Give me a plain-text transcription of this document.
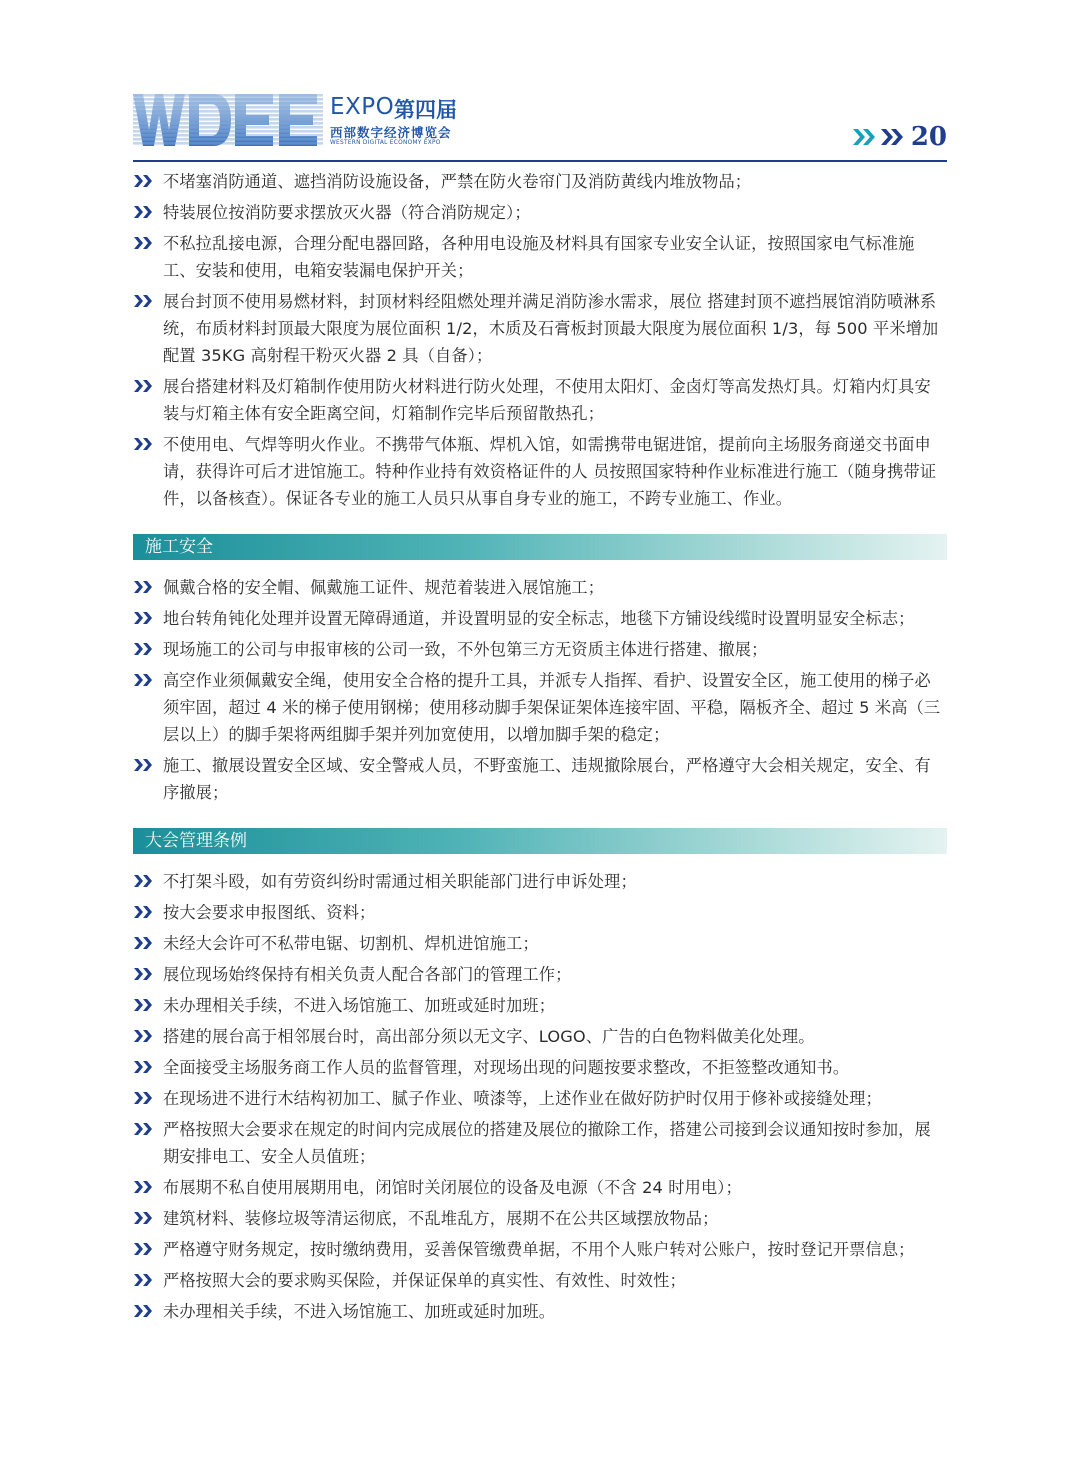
EXPO 第四届
西部数字经济博览会
WESTERN DIGITAL ECONOMY EXPO	20
不堵塞消防通道、遮挡消防设施设备，严禁在防火卷帘门及消防黄线内堆放物品；
特装展位按消防要求摆放灭火器（符合消防规定）；
不私拉乱接电源，合理分配电器回路，各种用电设施及材料具有国家专业安全认证，按照国家电气标准施工、安装和使用，电箱安装漏电保护开关；
展台封顶不使用易燃材料，封顶材料经阻燃处理并满足消防渗水需求，展位 搭建封顶不遮挡展馆消防喷淋系统，布质材料封顶最大限度为展位面积 1/2，木质及石膏板封顶最大限度为展位面积 1/3，每 500 平米增加配置 35KG 高射程干粉灭火器 2 具（自备）；
展台搭建材料及灯箱制作使用防火材料进行防火处理，不使用太阳灯、金卤灯等高发热灯具。灯箱内灯具安装与灯箱主体有安全距离空间，灯箱制作完毕后预留散热孔；
不使用电、气焊等明火作业。不携带气体瓶、焊机入馆，如需携带电锯进馆，提前向主场服务商递交书面申请，获得许可后才进馆施工。特种作业持有效资格证件的人 员按照国家特种作业标准进行施工（随身携带证件，以备核查）。保证各专业的施工人员只从事自身专业的施工，不跨专业施工、作业。
施工安全
佩戴合格的安全帽、佩戴施工证件、规范着装进入展馆施工；
地台转角钝化处理并设置无障碍通道，并设置明显的安全标志，地毯下方铺设线缆时设置明显安全标志；
现场施工的公司与申报审核的公司一致，不外包第三方无资质主体进行搭建、撤展；
高空作业须佩戴安全绳，使用安全合格的提升工具，并派专人指挥、看护、设置安全区，施工使用的梯子必须牢固，超过 4 米的梯子使用钢梯；使用移动脚手架保证架体连接牢固、平稳，隔板齐全、超过 5 米高（三层以上）的脚手架将两组脚手架并列加宽使用，以增加脚手架的稳定；
施工、撤展设置安全区域、安全警戒人员，不野蛮施工、违规撤除展台，严格遵守大会相关规定，安全、有序撤展；
大会管理条例
不打架斗殴，如有劳资纠纷时需通过相关职能部门进行申诉处理；
按大会要求申报图纸、资料；
未经大会许可不私带电锯、切割机、焊机进馆施工；
展位现场始终保持有相关负责人配合各部门的管理工作；
未办理相关手续，不进入场馆施工、加班或延时加班；
搭建的展台高于相邻展台时，高出部分须以无文字、LOGO、广告的白色物料做美化处理。
全面接受主场服务商工作人员的监督管理，对现场出现的问题按要求整改，不拒签整改通知书。
在现场进不进行木结构初加工、腻子作业、喷漆等，上述作业在做好防护时仅用于修补或接缝处理；
严格按照大会要求在规定的时间内完成展位的搭建及展位的撤除工作，搭建公司接到会议通知按时参加，展期安排电工、安全人员值班；
布展期不私自使用展期用电，闭馆时关闭展位的设备及电源（不含 24 时用电）；
建筑材料、装修垃圾等清运彻底，不乱堆乱方，展期不在公共区域摆放物品；
严格遵守财务规定，按时缴纳费用，妥善保管缴费单据，不用个人账户转对公账户，按时登记开票信息；
严格按照大会的要求购买保险，并保证保单的真实性、有效性、时效性；
未办理相关手续，不进入场馆施工、加班或延时加班。
